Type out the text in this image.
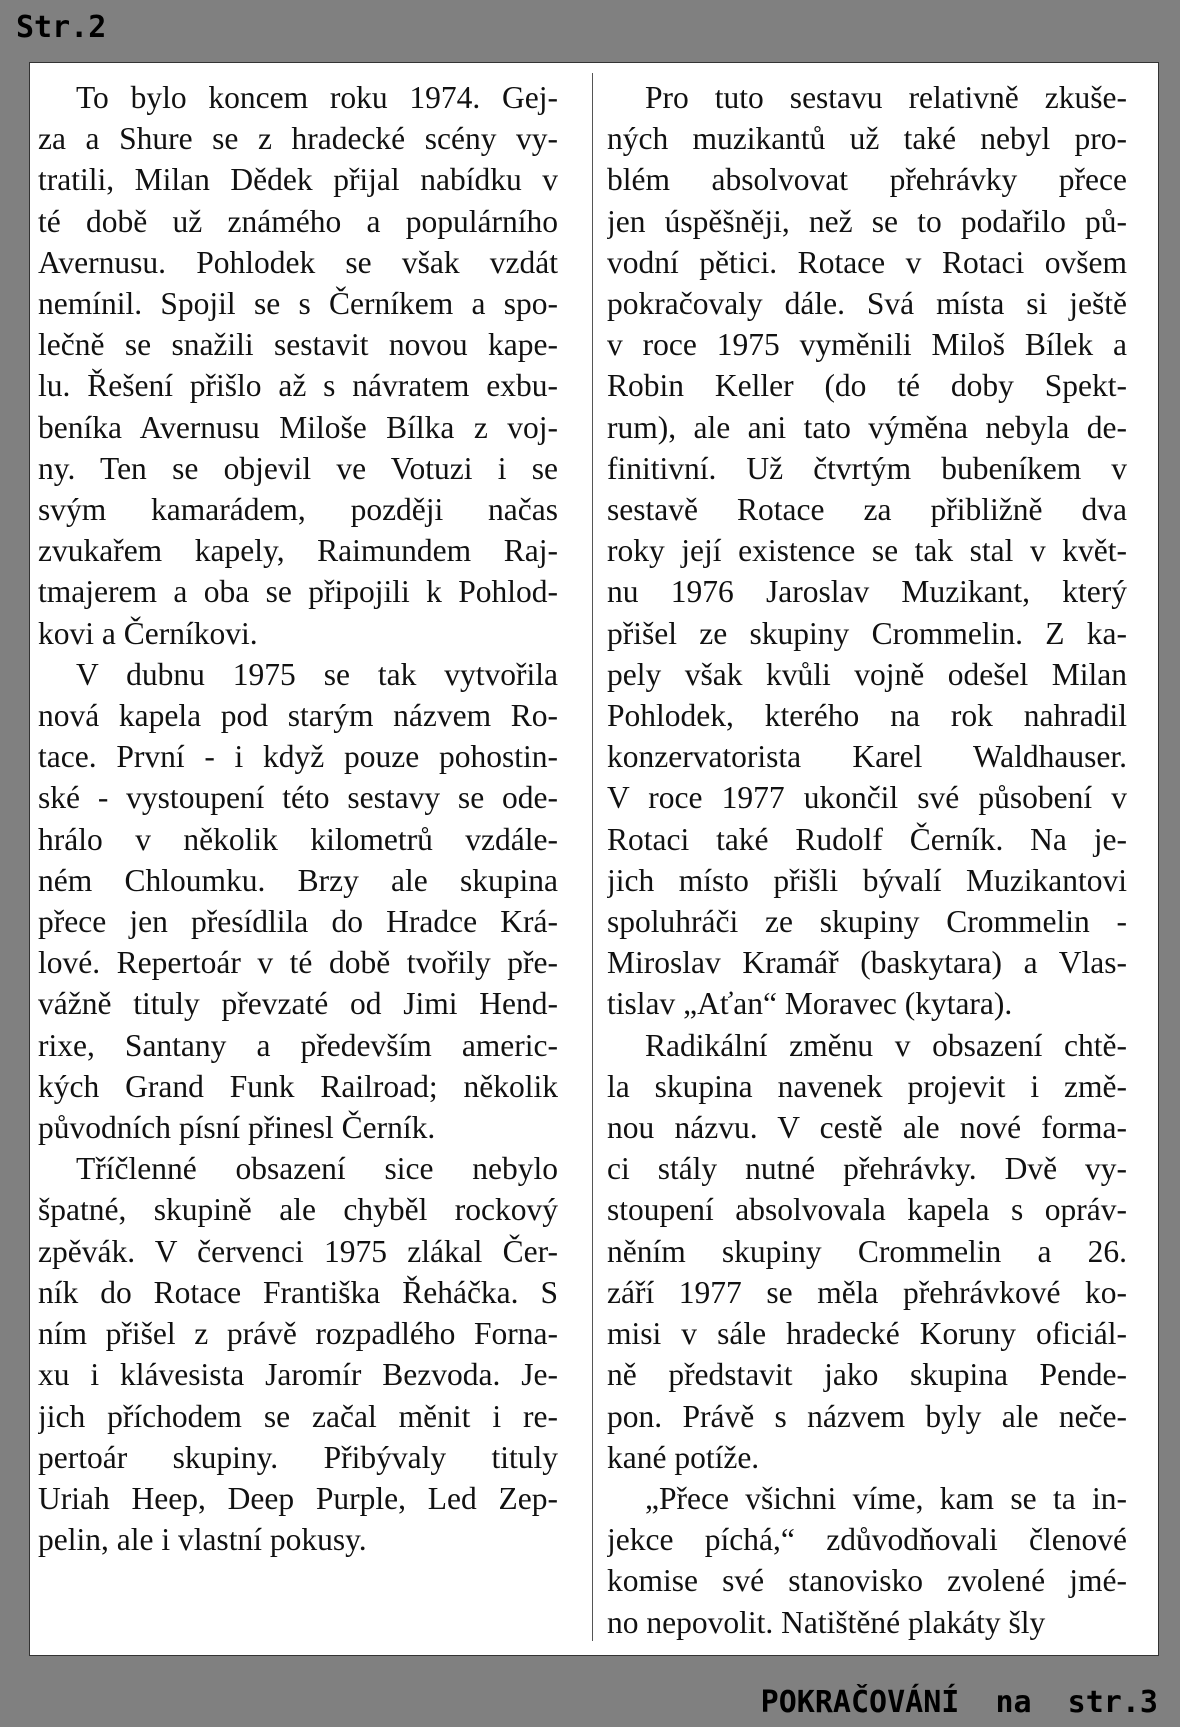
Str.2

To bylo koncem roku 1974. Gej-
za a Shure se z hradecké scény vy-
tratili, Milan Dědek přijal nabídku v
té době už známého a populárního
Avernusu. Pohlodek se však vzdát
nemínil. Spojil se s Černíkem a spo-
lečně se snažili sestavit novou kape-
lu. Řešení přišlo až s návratem exbu-
beníka Avernusu Miloše Bílka z voj-
ny. Ten se objevil ve Votuzi i se
svým kamarádem, později načas
zvukařem kapely, Raimundem Raj-
tmajerem a oba se připojili k Pohlod-
kovi a Černíkovi.

V dubnu 1975 se tak vytvořila
nová kapela pod starým názvem Ro-
tace. První - i když pouze pohostin-
ské - vystoupení této sestavy se ode-
hrálo v několik kilometrů vzdále-
ném Chloumku. Brzy ale skupina
přece jen přesídlila do Hradce Krá-
lové. Repertoár v té době tvořily pře-
vážně tituly převzaté od Jimi Hend-
rixe, Santany a především americ-
kých Grand Funk Railroad; několik
původních písní přinesl Černík.

Tříčlenné obsazení sice nebylo
špatné, skupině ale chyběl rockový
zpěvák. V červenci 1975 zlákal Čer-
ník do Rotace Františka Řeháčka. S
ním přišel z právě rozpadlého Forna-
xu i klávesista Jaromír Bezvoda. Je-
jich příchodem se začal měnit i re-
pertoár skupiny. Přibývaly tituly
Uriah Heep, Deep Purple, Led Zep-
pelin, ale i vlastní pokusy.

Pro tuto sestavu relativně zkuše-
ných muzikantů už také nebyl pro-
blém absolvovat přehrávky přece
jen úspěšněji, než se to podařilo pů-
vodní pětici. Rotace v Rotaci ovšem
pokračovaly dále. Svá místa si ještě
v roce 1975 vyměnili Miloš Bílek a
Robin Keller (do té doby Spekt-
rum), ale ani tato výměna nebyla de-
finitivní. Už čtvrtým bubeníkem v
sestavě Rotace za přibližně dva
roky její existence se tak stal v květ-
nu 1976 Jaroslav Muzikant, který
přišel ze skupiny Crommelin. Z ka-
pely však kvůli vojně odešel Milan
Pohlodek, kterého na rok nahradil
konzervatorista Karel Waldhauser.
V roce 1977 ukončil své působení v
Rotaci také Rudolf Černík. Na je-
jich místo přišli bývalí Muzikantovi
spoluhráči ze skupiny Crommelin -
Miroslav Kramář (baskytara) a Vlas-
tislav „Aťan“ Moravec (kytara).

Radikální změnu v obsazení chtě-
la skupina navenek projevit i změ-
nou názvu. V cestě ale nové forma-
ci stály nutné přehrávky. Dvě vy-
stoupení absolvovala kapela s opráv-
něním skupiny Crommelin a 26.
září 1977 se měla přehrávkové ko-
misi v sále hradecké Koruny oficiál-
ně představit jako skupina Pende-
pon. Právě s názvem byly ale neče-
kané potíže.

„Přece všichni víme, kam se ta in-
jekce píchá,“ zdůvodňovali členové
komise své stanovisko zvolené jmé-
no nepovolit. Natištěné plakáty šly

POKRAČOVÁNÍ  na  str.3
